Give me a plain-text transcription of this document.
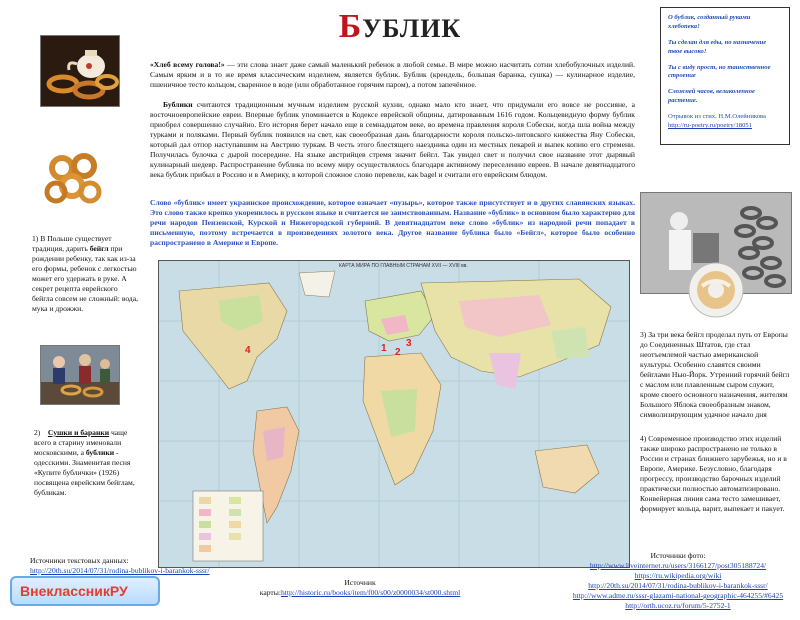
БУБЛИК	О бублик, созданный руками хлебопека!

Ты сделан для еды, но назначение твое высоко!

Ты с виду прост, но таинственное строение

Сложней часов, великолепное растение.

Отрывок из стих. Н.М.Олейникова
http://ru-poetry.ru/poetry/18051

«Хлеб всему голова!» — эти слова знает даже самый маленький ребенок в любой семье. В мире можно насчитать сотни хлебобулочных изделий. Самым ярким и в то же время классическим изделием, является бублик. Бублик (крендель, большая баранка, сушка) — кулинарное изделие, пшеничное тесто кольцом, сваренное в воде (или обработанное горячим паром), а потом запечённое.
Бублики считаются традиционным мучным изделием русской кухни, однако мало кто знает, что придумали его вовсе не россияне, а восточноевропейские евреи. Впервые бублик упоминается в Кодексе еврейской общины, датированным 1616 годом. Кольцевидную форму бублик приобрел совершенно случайно. Его история берет начало еще в семнадцатом веке, во времена правления короля Собески, когда шла война между турками и поляками. Первый бублик появился на свет, как своеобразная дань благодарности короля польско-литовского княжества Яну Собески, который дал отпор наступавшим на Австрию туркам. В честь этого блестящего наездника один из местных пекарей и выпек копию его стремени. Получилась булочка с дырой посередине. На языке австрийцев стремя значит бейгл. Так увидел свет и получил свое название этот дырявый кулинарный шедевр. Распространение бублика по всему миру осуществлялось благодаря активному переселению евреев. В начале девятнадцатого века бублик прибыл в Россию и в Америку, в которой сложное слово перевели, как bagel и считали его еврейским блюдом.
Слово «бублик» имеет украинское происхождение, которое означает «пузырь», которое также присутствует и в других славянских языках. Это слово также крепко укоренилось в русском языке и считается не заимствованным. Название «бублик» в основном было характерно для речи народов Пензенской, Курской и Нижегородской губерний. В девятнадцатом веке слово «бублик» из народной речи попадает в письменную, поэтому встречается в произведениях золотого века. Другое название бублика было «Бейгл», которое было особенно распространено в Америке и Европе.
1) В Польше существует традиция, дарить бейгл при рождении ребенку, так как из-за его формы, ребенок с легкостью может его удержать в руке. А секрет рецепта еврейского бейгла совсем не сложный: вода, мука и дрожжи.
2) Сушки и баранки чаще всего в старину именовали московскими, а бублики - одесскими. Знаменитая песня «Купите бублички» (1926) посвящена еврейским бейглам, бубликам.
3) За три века бейгл проделал путь от Европы до Соединенных Штатов, где стал неотъемлемой частью американской культуры. Особенно славятся своими бейглами Нью-Йорк. Утренний горячий бейгл с маслом или плавленным сыром служит, кроме своего основного назначения, жителям Большого Яблока своеобразным знаком, символизирующим удачное начало дня
4) Современное производство этих изделий также широко распространено не только в России и странах ближнего зарубежья, но и в Европе, Америке. Безусловно, благодаря прогрессу, производство барочных изделий практически полностью автоматизировано. Конвейерная линия сама тесто замешивает, формирует кольца, варит, выпекает и пакует.
КАРТА МИРА ПО ГЛАВНЫМ СТРАНАМ XVII — XVIII вв.
1 2
3
4
Источники текстовых данных:
http://20th.su/2014/07/31/rodina-bublikov-i-barankok-sssr/

Источник
карты:http://historic.ru/books/item/f00/s00/z0000034/st000.shtml
Источники фото:
http://www.liveinternet.ru/users/3166127/post305188724/
https://ru.wikipedia.org/wiki
http://20th.su/2014/07/31/rodina-bublikov-i-barankok-sssr/
http://www.adme.ru/sssr-glazami-national-geographic-464255/#6425
http://orth.ucoz.ru/forum/5-2752-1
ВнеклассникРУ
